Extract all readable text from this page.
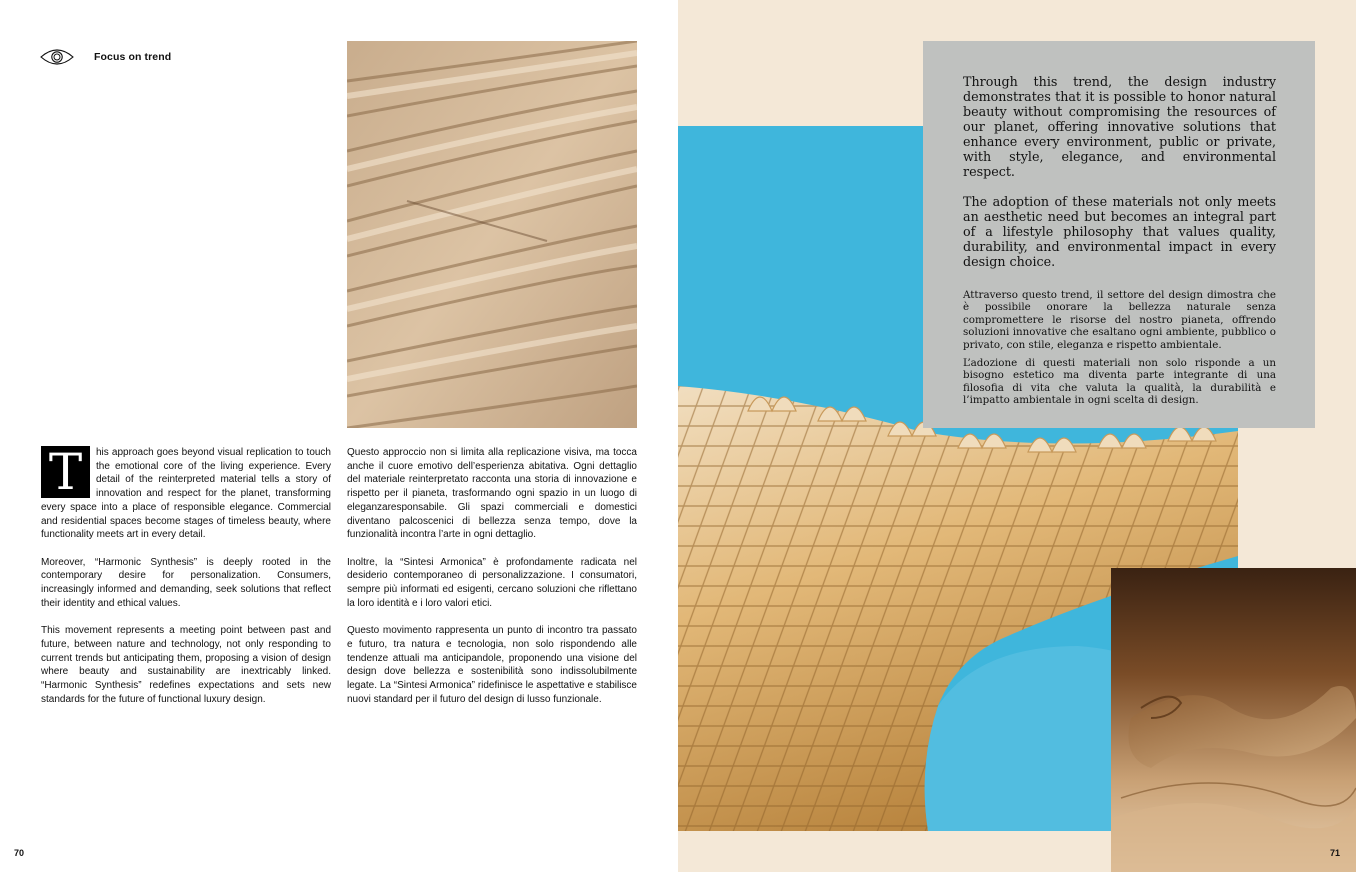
Focus on trend

T	his approach goes beyond visual replication to touch the emotional core of the living experience. Every detail of the reinterpreted material tells a story of innovation and respect for the planet, transforming every space into a place of responsible elegance. Commercial and residential spaces become stages of timeless beauty, where functionality meets art in every detail.

Moreover, “Harmonic Synthesis” is deeply rooted in the contemporary desire for personalization. Consumers, increasingly informed and demanding, seek solutions that reflect their identity and ethical values.

This movement represents a meeting point between past and future, between nature and technology, not only responding to current trends but anticipating them, proposing a vision of design where beauty and sustainability are inextricably linked. “Harmonic Synthesis” redefines expectations and sets new standards for the future of functional luxury design.

Questo approccio non si limita alla replicazione visiva, ma tocca anche il cuore emotivo dell’esperienza abitativa. Ogni dettaglio del materiale reinterpretato racconta una storia di innovazione e rispetto per il pianeta, trasformando ogni spazio in un luogo di eleganzaresponsabile. Gli spazi commerciali e domestici diventano palcoscenici di bellezza senza tempo, dove la funzionalità incontra l’arte in ogni dettaglio.

Inoltre, la “Sintesi Armonica” è profondamente radicata nel desiderio contemporaneo di personalizzazione. I consumatori, sempre più informati ed esigenti, cercano soluzioni che riflettano la loro identità e i loro valori etici.

Questo movimento rappresenta un punto di incontro tra passato e futuro, tra natura e tecnologia, non solo rispondendo alle tendenze attuali ma anticipandole, proponendo una visione del design dove bellezza e sostenibilità sono indissolubilmente legate. La “Sintesi Armonica” ridefinisce le aspettative e stabilisce nuovi standard per il futuro del design di lusso funzionale.

70

Through this trend, the design industry demonstrates that it is possible to honor natural beauty without compromising the resources of our planet, offering innovative solutions that enhance every environment, public or private, with style, elegance, and environmental respect.

The adoption of these materials not only meets an aesthetic need but becomes an integral part of a lifestyle philosophy that values quality, durability, and environmental impact in every design choice.

Attraverso questo trend, il settore del design dimostra che è possibile onorare la bellezza naturale senza compromettere le risorse del nostro pianeta, offrendo soluzioni innovative che esaltano ogni ambiente, pubblico o privato, con stile, eleganza e rispetto ambientale.

L’adozione di questi materiali non solo risponde a un bisogno estetico ma diventa parte integrante di una filosofia di vita che valuta la qualità, la durabilità e l’impatto ambientale in ogni scelta di design.

71
